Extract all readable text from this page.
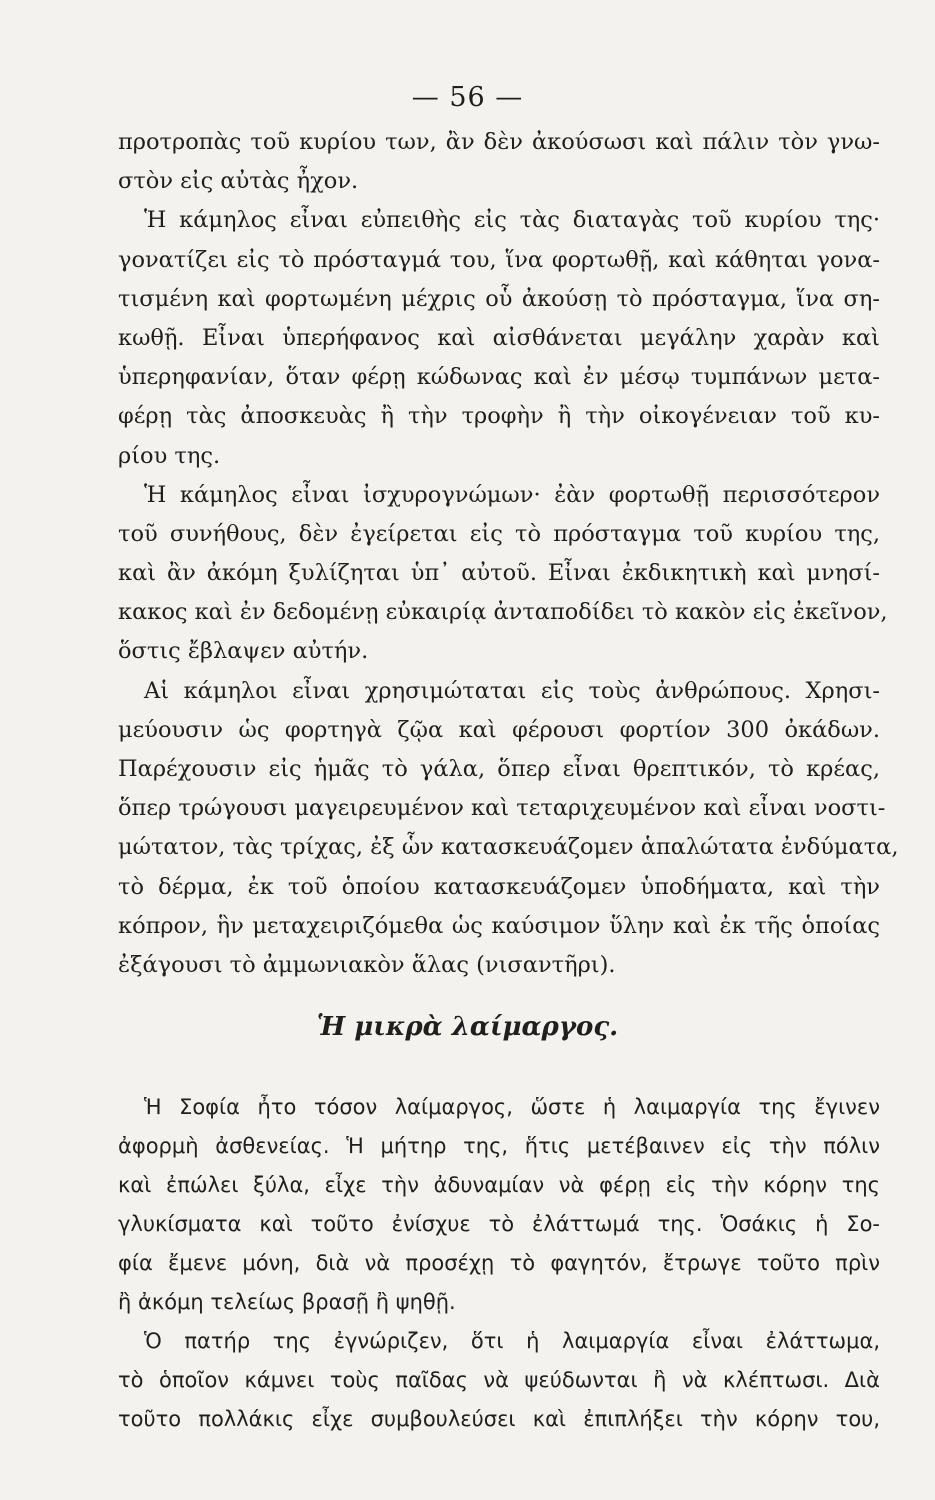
— 56 —
προτροπὰς τοῦ κυρίου των, ἂν δὲν ἀκούσωσι καὶ πάλιν τὸν γνω-
στὸν εἰς αὐτὰς ἦχον.
Ἡ κάμηλος εἶναι εὐπειθὴς εἰς τὰς διαταγὰς τοῦ κυρίου της·
γονατίζει εἰς τὸ πρόσταγμά του, ἵνα φορτωθῇ, καὶ κάθηται γονα-
τισμένη καὶ φορτωμένη μέχρις οὗ ἀκούσῃ τὸ πρόσταγμα, ἵνα ση-
κωθῇ. Εἶναι ὑπερήφανος καὶ αἰσθάνεται μεγάλην χαρὰν καὶ
ὑπερηφανίαν, ὅταν φέρῃ κώδωνας καὶ ἐν μέσῳ τυμπάνων μετα-
φέρῃ τὰς ἀποσκευὰς ἢ τὴν τροφὴν ἢ τὴν οἰκογένειαν τοῦ κυ-
ρίου της.
Ἡ κάμηλος εἶναι ἰσχυρογνώμων· ἐὰν φορτωθῇ περισσότερον
τοῦ συνήθους, δὲν ἐγείρεται εἰς τὸ πρόσταγμα τοῦ κυρίου της,
καὶ ἂν ἀκόμη ξυλίζηται ὑπ᾿ αὐτοῦ. Εἶναι ἐκδικητικὴ καὶ μνησί-
κακος καὶ ἐν δεδομένῃ εὐκαιρίᾳ ἀνταποδίδει τὸ κακὸν εἰς ἐκεῖνον,
ὅστις ἔβλαψεν αὐτήν.
Αἱ κάμηλοι εἶναι χρησιμώταται εἰς τοὺς ἀνθρώπους. Χρησι-
μεύουσιν ὡς φορτηγὰ ζῷα καὶ φέρουσι φορτίον 300 ὀκάδων.
Παρέχουσιν εἰς ἡμᾶς τὸ γάλα, ὅπερ εἶναι θρεπτικόν, τὸ κρέας,
ὅπερ τρώγουσι μαγειρευμένον καὶ τεταριχευμένον καὶ εἶναι νοστι-
μώτατον, τὰς τρίχας, ἐξ ὧν κατασκευάζομεν ἁπαλώτατα ἐνδύματα,
τὸ δέρμα, ἐκ τοῦ ὁποίου κατασκευάζομεν ὑποδήματα, καὶ τὴν
κόπρον, ἣν μεταχειριζόμεθα ὡς καύσιμον ὕλην καὶ ἐκ τῆς ὁποίας
ἐξάγουσι τὸ ἀμμωνιακὸν ἅλας (νισαντῆρι).
Ἡ μικρὰ λαίμαργος.
Ἡ Σοφία ἦτο τόσον λαίμαργος, ὥστε ἡ λαιμαργία της ἔγινεν
ἀφορμὴ ἀσθενείας. Ἡ μήτηρ της, ἥτις μετέβαινεν εἰς τὴν πόλιν
καὶ ἐπώλει ξύλα, εἶχε τὴν ἀδυναμίαν νὰ φέρῃ εἰς τὴν κόρην της
γλυκίσματα καὶ τοῦτο ἐνίσχυε τὸ ἐλάττωμά της. Ὁσάκις ἡ Σο-
φία ἔμενε μόνη, διὰ νὰ προσέχῃ τὸ φαγητόν, ἔτρωγε τοῦτο πρὶν
ἢ ἀκόμη τελείως βρασῇ ἢ ψηθῇ.
Ὁ πατήρ της ἐγνώριζεν, ὅτι ἡ λαιμαργία εἶναι ἐλάττωμα,
τὸ ὁποῖον κάμνει τοὺς παῖδας νὰ ψεύδωνται ἢ νὰ κλέπτωσι. Διὰ
τοῦτο πολλάκις εἶχε συμβουλεύσει καὶ ἐπιπλήξει τὴν κόρην του,
